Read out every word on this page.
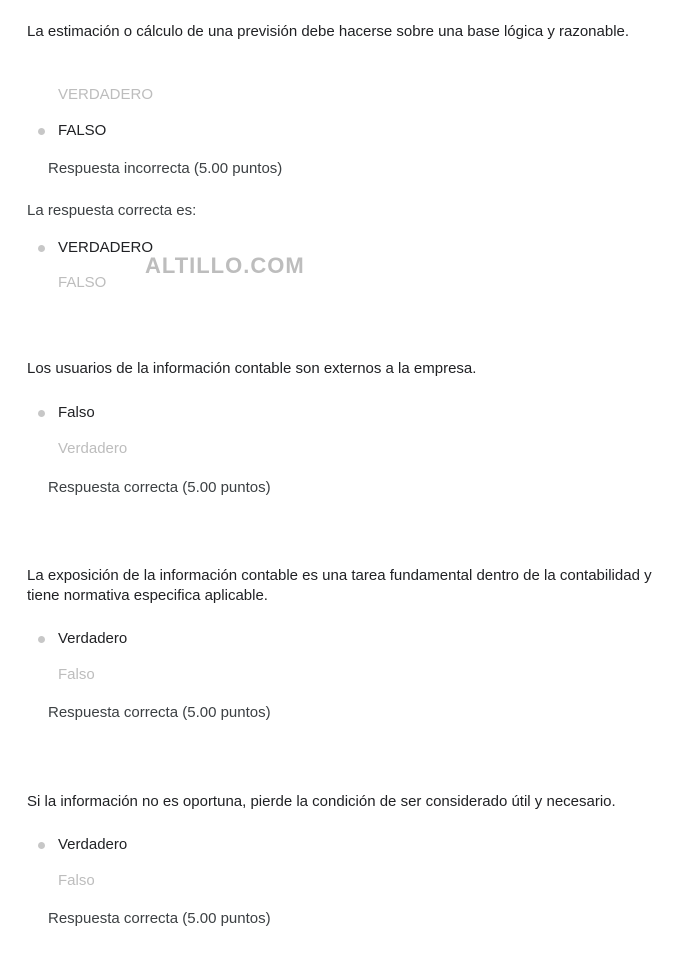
La estimación o cálculo de una previsión debe hacerse sobre una base lógica y razonable.
VERDADERO
FALSO
Respuesta incorrecta (5.00 puntos)
La respuesta correcta es:
VERDADERO
ALTILLO.COM
FALSO
Los usuarios de la información contable son externos a la empresa.
Falso
Verdadero
Respuesta correcta (5.00 puntos)
La exposición de la información contable es una tarea fundamental dentro de la contabilidad y tiene normativa especifica aplicable.
Verdadero
Falso
Respuesta correcta (5.00 puntos)
Si la información no es oportuna, pierde la condición de ser considerado útil y necesario.
Verdadero
Falso
Respuesta correcta (5.00 puntos)
